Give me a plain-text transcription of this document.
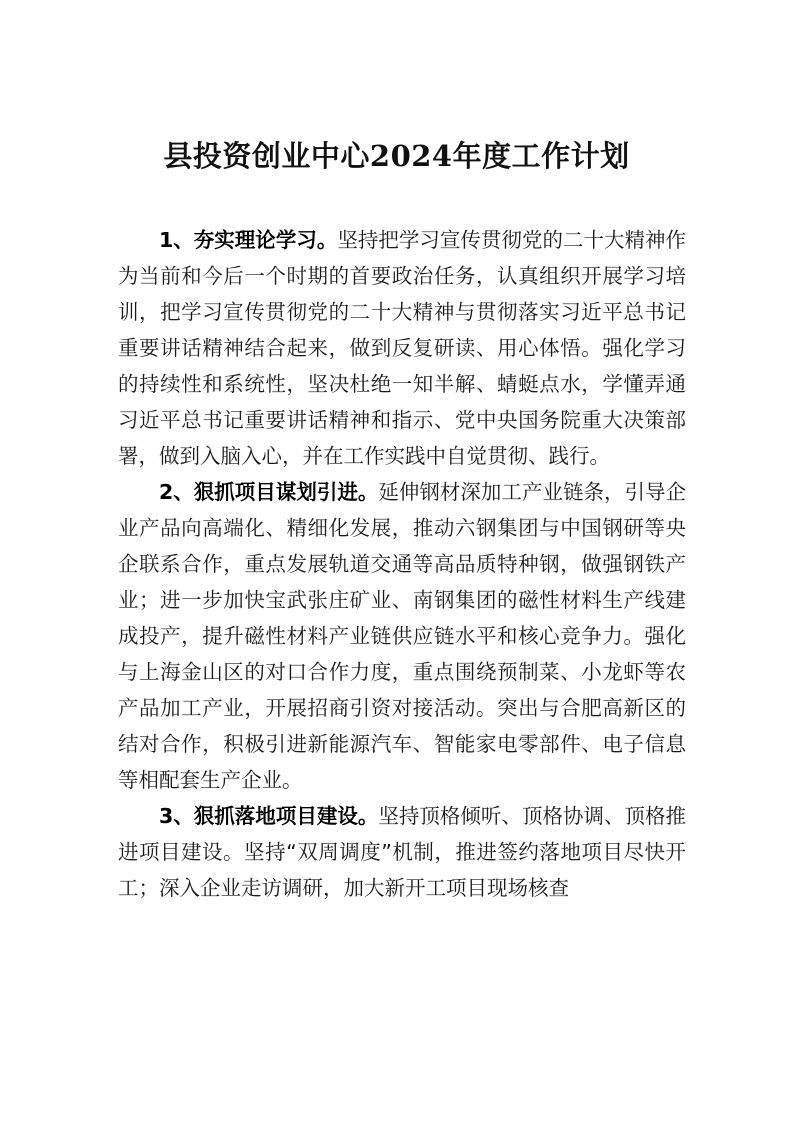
县投资创业中心2024年度工作计划

1、夯实理论学习。坚持把学习宣传贯彻党的二十大精神作为当前和今后一个时期的首要政治任务，认真组织开展学习培训，把学习宣传贯彻党的二十大精神与贯彻落实习近平总书记重要讲话精神结合起来，做到反复研读、用心体悟。强化学习的持续性和系统性，坚决杜绝一知半解、蜻蜓点水，学懂弄通习近平总书记重要讲话精神和指示、党中央国务院重大决策部署，做到入脑入心，并在工作实践中自觉贯彻、践行。

2、狠抓项目谋划引进。延伸钢材深加工产业链条，引导企业产品向高端化、精细化发展，推动六钢集团与中国钢研等央企联系合作，重点发展轨道交通等高品质特种钢，做强钢铁产业；进一步加快宝武张庄矿业、南钢集团的磁性材料生产线建成投产，提升磁性材料产业链供应链水平和核心竞争力。强化与上海金山区的对口合作力度，重点围绕预制菜、小龙虾等农产品加工产业，开展招商引资对接活动。突出与合肥高新区的结对合作，积极引进新能源汽车、智能家电零部件、电子信息等相配套生产企业。

3、狠抓落地项目建设。坚持顶格倾听、顶格协调、顶格推进项目建设。坚持“双周调度”机制，推进签约落地项目尽快开工；深入企业走访调研，加大新开工项目现场核查
